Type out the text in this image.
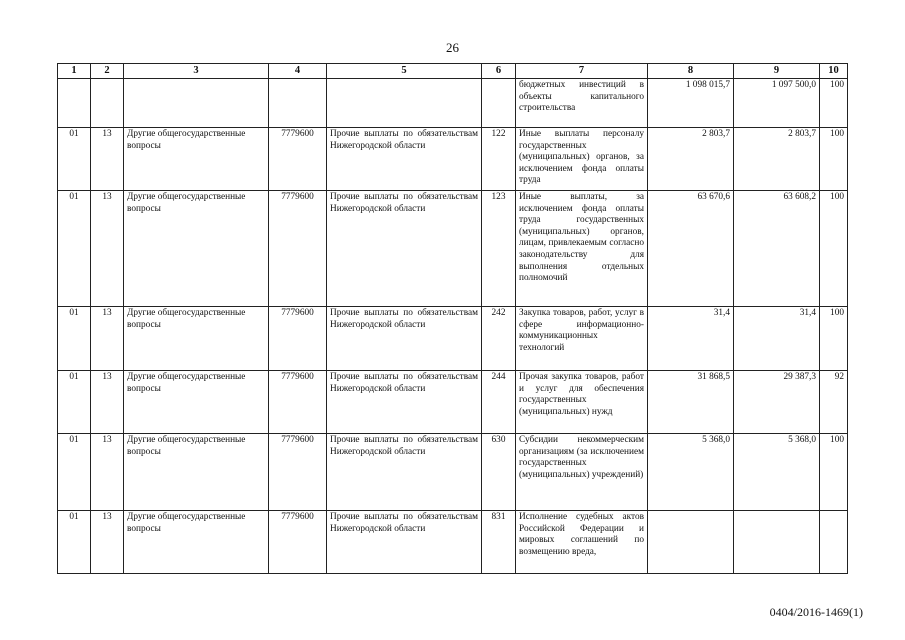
26
1	2	3	4	5	6	7	8	9	10
						бюджетных инвестиций в объекты капитального строительства	1 098 015,7	1 097 500,0	100
01	13	Другие общегосударственные вопросы	7779600	Прочие выплаты по обязательствам Нижегородской области	122	Иные выплаты персоналу государственных (муниципальных) органов, за исключением фонда оплаты труда	2 803,7	2 803,7	100
01	13	Другие общегосударственные вопросы	7779600	Прочие выплаты по обязательствам Нижегородской области	123	Иные выплаты, за исключением фонда оплаты труда государственных (муниципальных) органов, лицам, привлекаемым согласно законодательству для выполнения отдельных полномочий	63 670,6	63 608,2	100
01	13	Другие общегосударственные вопросы	7779600	Прочие выплаты по обязательствам Нижегородской области	242	Закупка товаров, работ, услуг в сфере информационно-коммуникационных технологий	31,4	31,4	100
01	13	Другие общегосударственные вопросы	7779600	Прочие выплаты по обязательствам Нижегородской области	244	Прочая закупка товаров, работ и услуг для обеспечения государственных (муниципальных) нужд	31 868,5	29 387,3	92
01	13	Другие общегосударственные вопросы	7779600	Прочие выплаты по обязательствам Нижегородской области	630	Субсидии некоммерческим организациям (за исключением государственных (муниципальных) учреждений)	5 368,0	5 368,0	100
01	13	Другие общегосударственные вопросы	7779600	Прочие выплаты по обязательствам Нижегородской области	831	Исполнение судебных актов Российской Федерации и мировых соглашений по возмещению вреда,			
0404/2016-1469(1)
